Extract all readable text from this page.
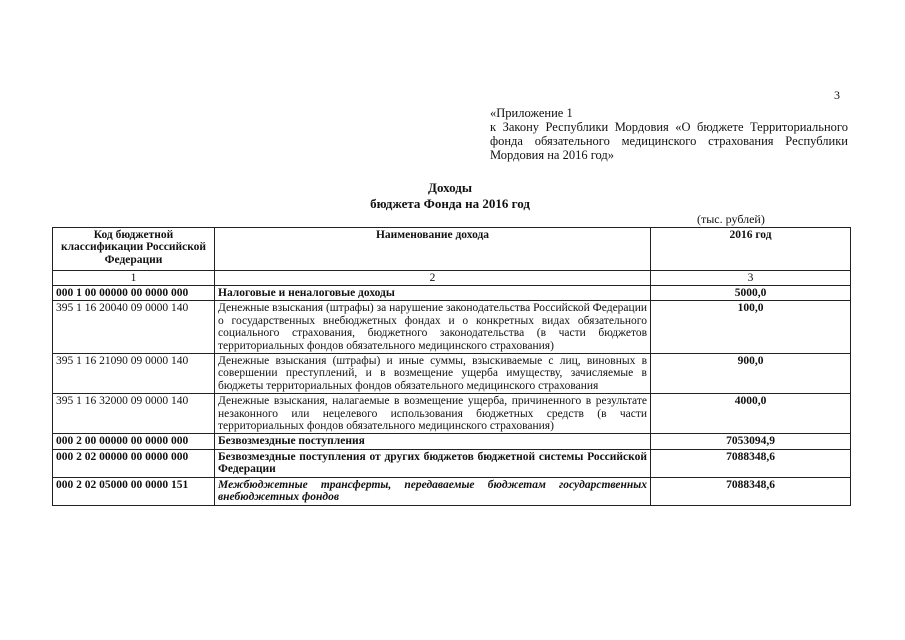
3
«Приложение 1
к Закону Республики Мордовия «О бюджете Территориального фонда обязательного медицинского страхования Республики Мордовия на 2016 год»
Доходы
бюджета Фонда на 2016 год
(тыс. рублей)
Код бюджетной классификации Российской Федерации	Наименование дохода	2016 год
1	2	3
000 1 00 00000 00 0000 000	Налоговые и неналоговые доходы	5000,0
395 1 16 20040 09 0000 140	Денежные взыскания (штрафы) за нарушение законодательства Российской Федерации о государственных внебюджетных фондах и о конкретных видах обязательного социального страхования, бюджетного законодательства (в части бюджетов территориальных фондов обязательного медицинского страхования)	100,0
395 1 16 21090 09 0000 140	Денежные взыскания (штрафы) и иные суммы, взыскиваемые с лиц, виновных в совершении преступлений, и в возмещение ущерба имуществу, зачисляемые в бюджеты территориальных фондов обязательного медицинского страхования	900,0
395 1 16 32000 09 0000 140	Денежные взыскания, налагаемые в возмещение ущерба, причиненного в результате незаконного или нецелевого использования бюджетных средств (в части территориальных фондов обязательного медицинского страхования)	4000,0
000 2 00 00000 00 0000 000	Безвозмездные поступления	7053094,9
000 2 02 00000 00 0000 000	Безвозмездные поступления от других бюджетов бюджетной системы Российской Федерации	7088348,6
000 2 02 05000 00 0000 151	Межбюджетные трансферты, передаваемые бюджетам государственных внебюджетных фондов	7088348,6
